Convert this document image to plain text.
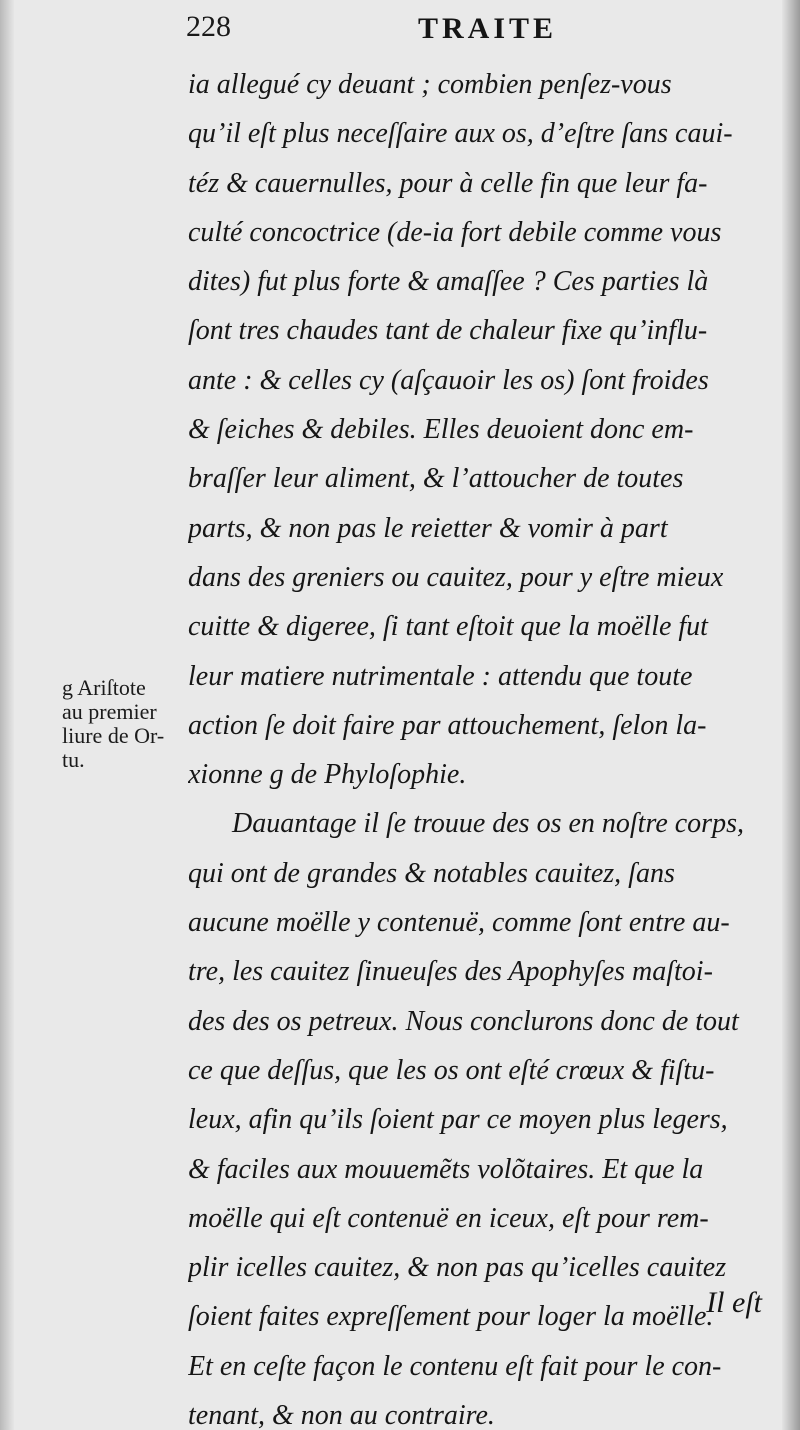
228	TRAITE
ia allegué cy deuant ; combien penſez-vous
qu’il eſt plus neceſſaire aux os, d’eſtre ſans caui-
téz & cauernulles, pour à celle fin que leur fa-
culté concoctrice (de-ia fort debile comme vous
dites) fut plus forte & amaſſee ? Ces parties là
ſont tres chaudes tant de chaleur fixe qu’influ-
ante : & celles cy (aſçauoir les os) ſont froides
& ſeiches & debiles. Elles deuoient donc em-
braſſer leur aliment, & l’attoucher de toutes
parts, & non pas le reietter & vomir à part
dans des greniers ou cauitez, pour y eſtre mieux
cuitte & digeree, ſi tant eſtoit que la moëlle fut
leur matiere nutrimentale : attendu que toute
action ſe doit faire par attouchement, ſelon la-
xionne g de Phyloſophie.
Dauantage il ſe trouue des os en noſtre corps,
qui ont de grandes & notables cauitez, ſans
aucune moëlle y contenuë, comme ſont entre au-
tre, les cauitez ſinueuſes des Apophyſes maſtoi-
des des os petreux. Nous conclurons donc de tout
ce que deſſus, que les os ont eſté crœux & fiſtu-
leux, afin qu’ils ſoient par ce moyen plus legers,
& faciles aux mouuemẽts volõtaires. Et que la
moëlle qui eſt contenuë en iceux, eſt pour rem-
plir icelles cauitez, & non pas qu’icelles cauitez
ſoient faites expreſſement pour loger la moëlle.
Et en ceſte façon le contenu eſt fait pour le con-
tenant, & non au contraire.
g Ariſtote
au premier
liure de Or-
tu.
Il eſt
